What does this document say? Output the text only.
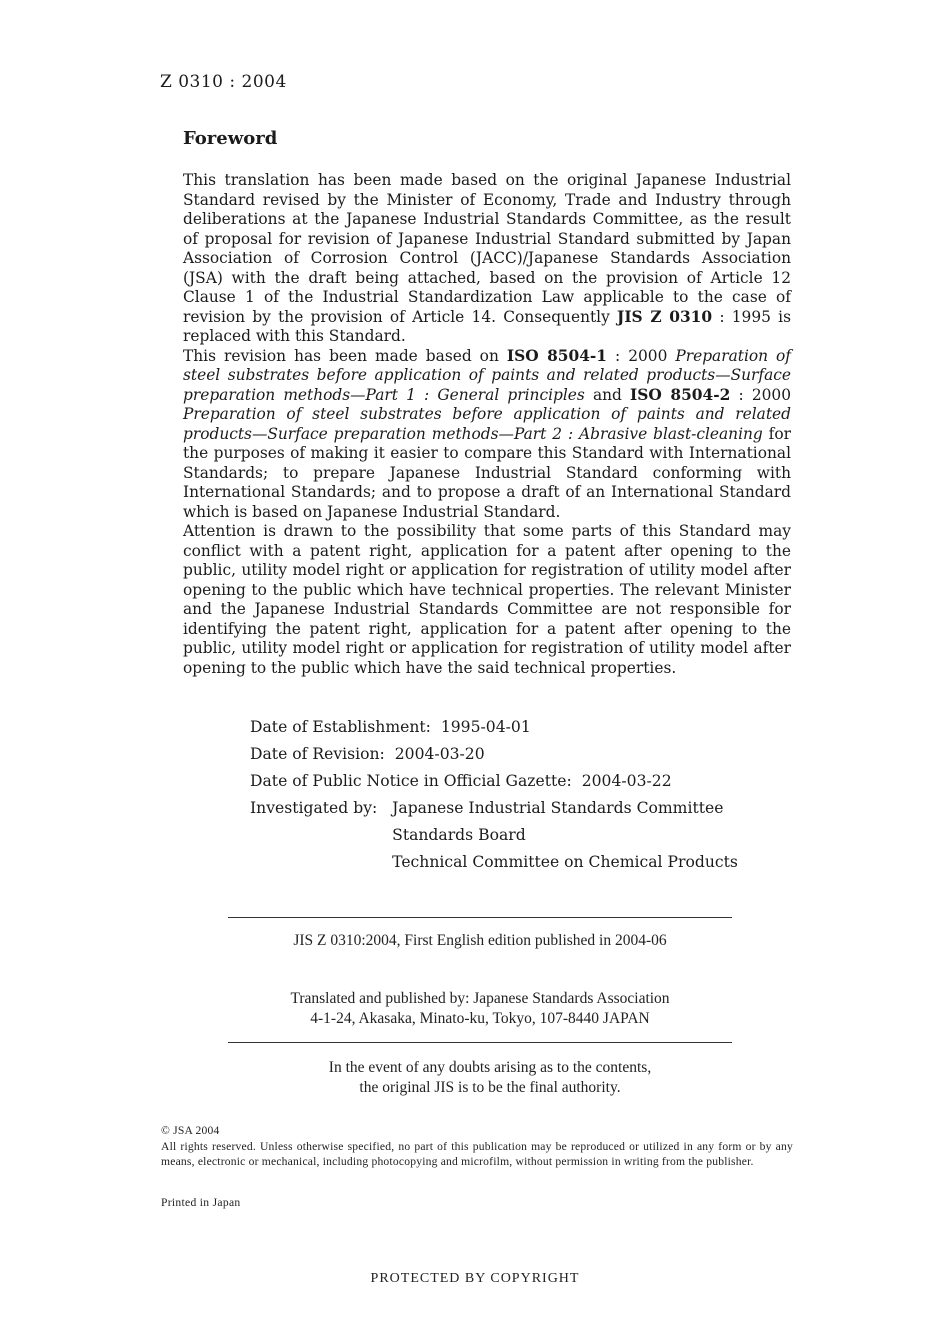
Z 0310 : 2004
Foreword

This translation has been made based on the original Japanese Industrial Standard revised by the Minister of Economy, Trade and Industry through deliberations at the Japanese Industrial Standards Committee, as the result of proposal for revision of Japanese Industrial Standard submitted by Japan Association of Corrosion Control (JACC)/Japanese Standards Association (JSA) with the draft being attached, based on the provision of Article 12 Clause 1 of the Industrial Standardization Law applicable to the case of revision by the provision of Article 14. Consequently JIS Z 0310 : 1995 is replaced with this Standard.

This revision has been made based on ISO 8504-1 : 2000 Preparation of steel substrates before application of paints and related products—Surface preparation methods—Part 1 : General principles and ISO 8504-2 : 2000 Preparation of steel substrates before application of paints and related products—Surface preparation methods—Part 2 : Abrasive blast-cleaning for the purposes of making it easier to compare this Standard with International Standards; to prepare Japanese Industrial Standard conforming with International Standards; and to propose a draft of an International Standard which is based on Japanese Industrial Standard.

Attention is drawn to the possibility that some parts of this Standard may conflict with a patent right, application for a patent after opening to the public, utility model right or application for registration of utility model after opening to the public which have technical properties. The relevant Minister and the Japanese Industrial Standards Committee are not responsible for identifying the patent right, application for a patent after opening to the public, utility model right or application for registration of utility model after opening to the public which have the said technical properties.

Date of Establishment:
1995-04-01
Date of Revision:
2004-03-20
Date of Public Notice in Official Gazette:
2004-03-22
Investigated by:
Japanese Industrial Standards Committee
Standards Board
Technical Committee on Chemical Products
JIS Z 0310:2004, First English edition published in 2004-06
Translated and published by: Japanese Standards Association
4-1-24, Akasaka, Minato-ku, Tokyo, 107-8440 JAPAN
In the event of any doubts arising as to the contents,
the original JIS is to be the final authority.

© JSA 2004

All rights reserved. Unless otherwise specified, no part of this publication may be reproduced or utilized in any form or by any means, electronic or mechanical, including photocopying and microfilm, without permission in writing from the publisher.

Printed in Japan
PROTECTED BY COPYRIGHT
